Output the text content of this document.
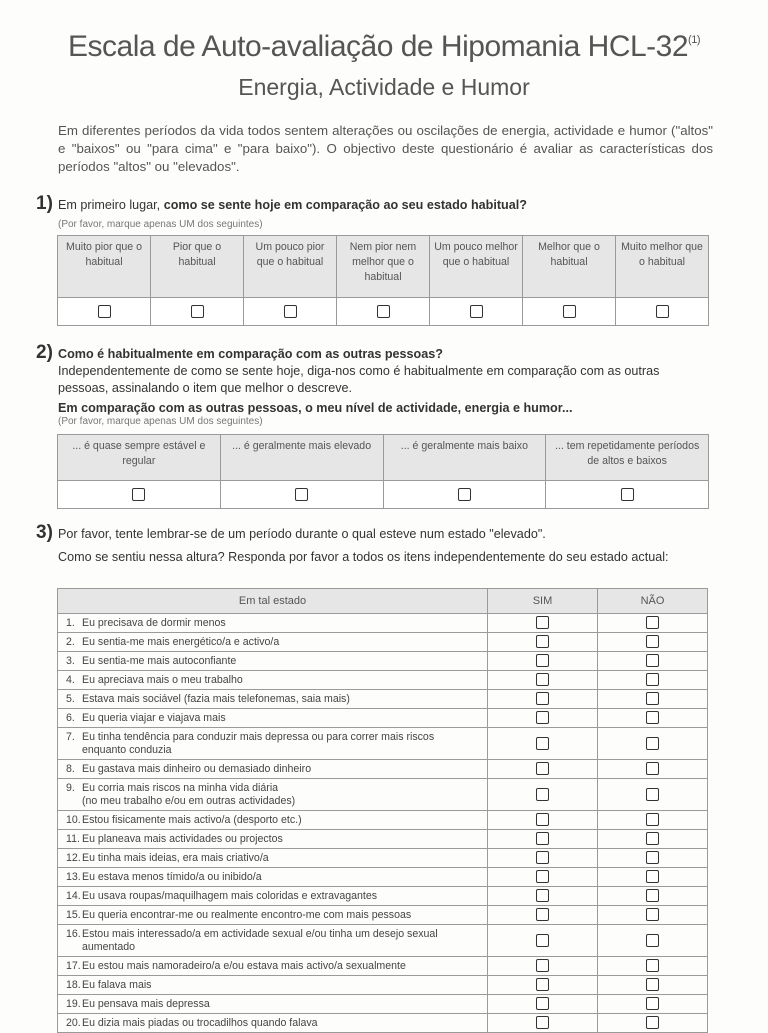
Escala de Auto-avaliação de Hipomania HCL-32$^{(1)}$
Energia, Actividade e Humor
Em diferentes períodos da vida todos sentem alterações ou oscilações de energia, actividade e humor ("altos" e "baixos" ou "para cima" e "para baixo"). O objectivo deste questionário é avaliar as características dos períodos "altos" ou "elevados".
1) Em primeiro lugar, como se sente hoje em comparação ao seu estado habitual?
(Por favor, marque apenas UM dos seguintes)
Muito pior que o habitual	Pior que o habitual	Um pouco pior que o habitual	Nem pior nem melhor que o habitual	Um pouco melhor que o habitual	Melhor que o habitual	Muito melhor que o habitual

2) Como é habitualmente em comparação com as outras pessoas?
Independentemente de como se sente hoje, diga-nos como é habitualmente em comparação com as outras pessoas, assinalando o item que melhor o descreve.
Em comparação com as outras pessoas, o meu nível de actividade, energia e humor...
(Por favor, marque apenas UM dos seguintes)
... é quase sempre estável e regular	... é geralmente mais elevado	... é geralmente mais baixo	... tem repetidamente períodos de altos e baixos

3) Por favor, tente lembrar-se de um período durante o qual esteve num estado "elevado".
Como se sentiu nessa altura? Responda por favor a todos os itens independentemente do seu estado actual:
Em tal estado	SIM	NÃO
1. Eu precisava de dormir menos		
2. Eu sentia-me mais energético/a e activo/a		
3. Eu sentia-me mais autoconfiante		
4. Eu apreciava mais o meu trabalho		
5. Estava mais sociável (fazia mais telefonemas, saia mais)		
6. Eu queria viajar e viajava mais		
7. Eu tinha tendência para conduzir mais depressa ou para correr mais riscos
enquanto conduzia		
8. Eu gastava mais dinheiro ou demasiado dinheiro		
9. Eu corria mais riscos na minha vida diária
(no meu trabalho e/ou em outras actividades)		
10.Estou fisicamente mais activo/a (desporto etc.)		
11. Eu planeava mais actividades ou projectos		
12.Eu tinha mais ideias, era mais criativo/a		
13.Eu estava menos tímido/a ou inibido/a		
14.Eu usava roupas/maquilhagem mais coloridas e extravagantes		
15.Eu queria encontrar-me ou realmente encontro-me com mais pessoas		
16.Estou mais interessado/a em actividade sexual e/ou tinha um desejo sexual
aumentado		
17.Eu estou mais namoradeiro/a e/ou estava mais activo/a sexualmente		
18.Eu falava mais		
19.Eu pensava mais depressa		
20.Eu dizia mais piadas ou trocadilhos quando falava		
